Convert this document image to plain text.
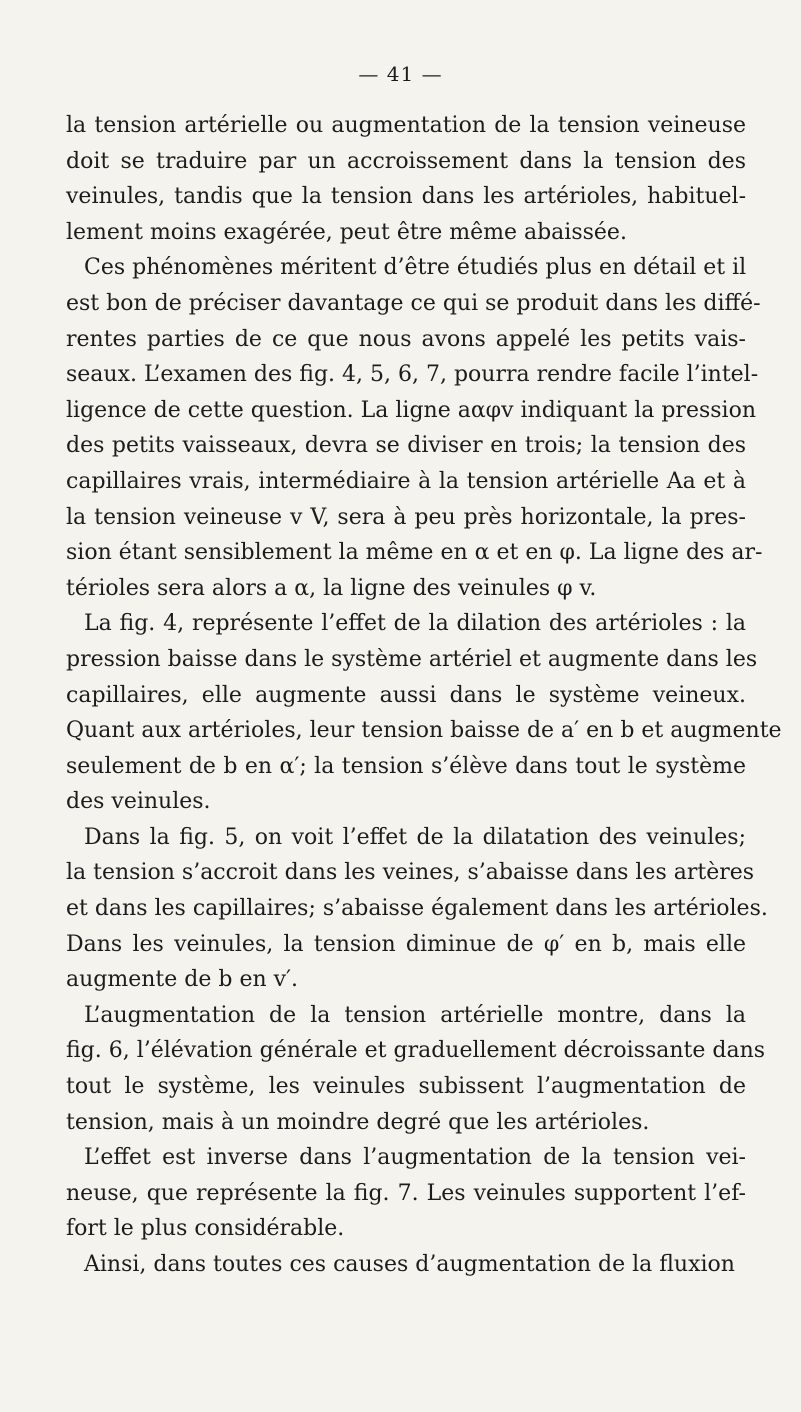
— 41 —
la tension artérielle ou augmentation de la tension veineuse
doit se traduire par un accroissement dans la tension des
veinules, tandis que la tension dans les artérioles, habituel-
lement moins exagérée, peut être même abaissée.
Ces phénomènes méritent d’être étudiés plus en détail et il
est bon de préciser davantage ce qui se produit dans les diffé-
rentes parties de ce que nous avons appelé les petits vais-
seaux. L’examen des fig. 4, 5, 6, 7, pourra rendre facile l’intel-
ligence de cette question. La ligne aαφv indiquant la pression
des petits vaisseaux, devra se diviser en trois; la tension des
capillaires vrais, intermédiaire à la tension artérielle Aa et à
la tension veineuse v V, sera à peu près horizontale, la pres-
sion étant sensiblement la même en α et en φ. La ligne des ar-
térioles sera alors a α, la ligne des veinules φ v.
La fig. 4, représente l’effet de la dilation des artérioles : la
pression baisse dans le système artériel et augmente dans les
capillaires, elle augmente aussi dans le système veineux.
Quant aux artérioles, leur tension baisse de a′ en b et augmente
seulement de b en α′; la tension s’élève dans tout le système
des veinules.
Dans la fig. 5, on voit l’effet de la dilatation des veinules;
la tension s’accroit dans les veines, s’abaisse dans les artères
et dans les capillaires; s’abaisse également dans les artérioles.
Dans les veinules, la tension diminue de φ′ en b, mais elle
augmente de b en v′.
L’augmentation de la tension artérielle montre, dans la
fig. 6, l’élévation générale et graduellement décroissante dans
tout le système, les veinules subissent l’augmentation de
tension, mais à un moindre degré que les artérioles.
L’effet est inverse dans l’augmentation de la tension vei-
neuse, que représente la fig. 7. Les veinules supportent l’ef-
fort le plus considérable.
Ainsi, dans toutes ces causes d’augmentation de la fluxion
